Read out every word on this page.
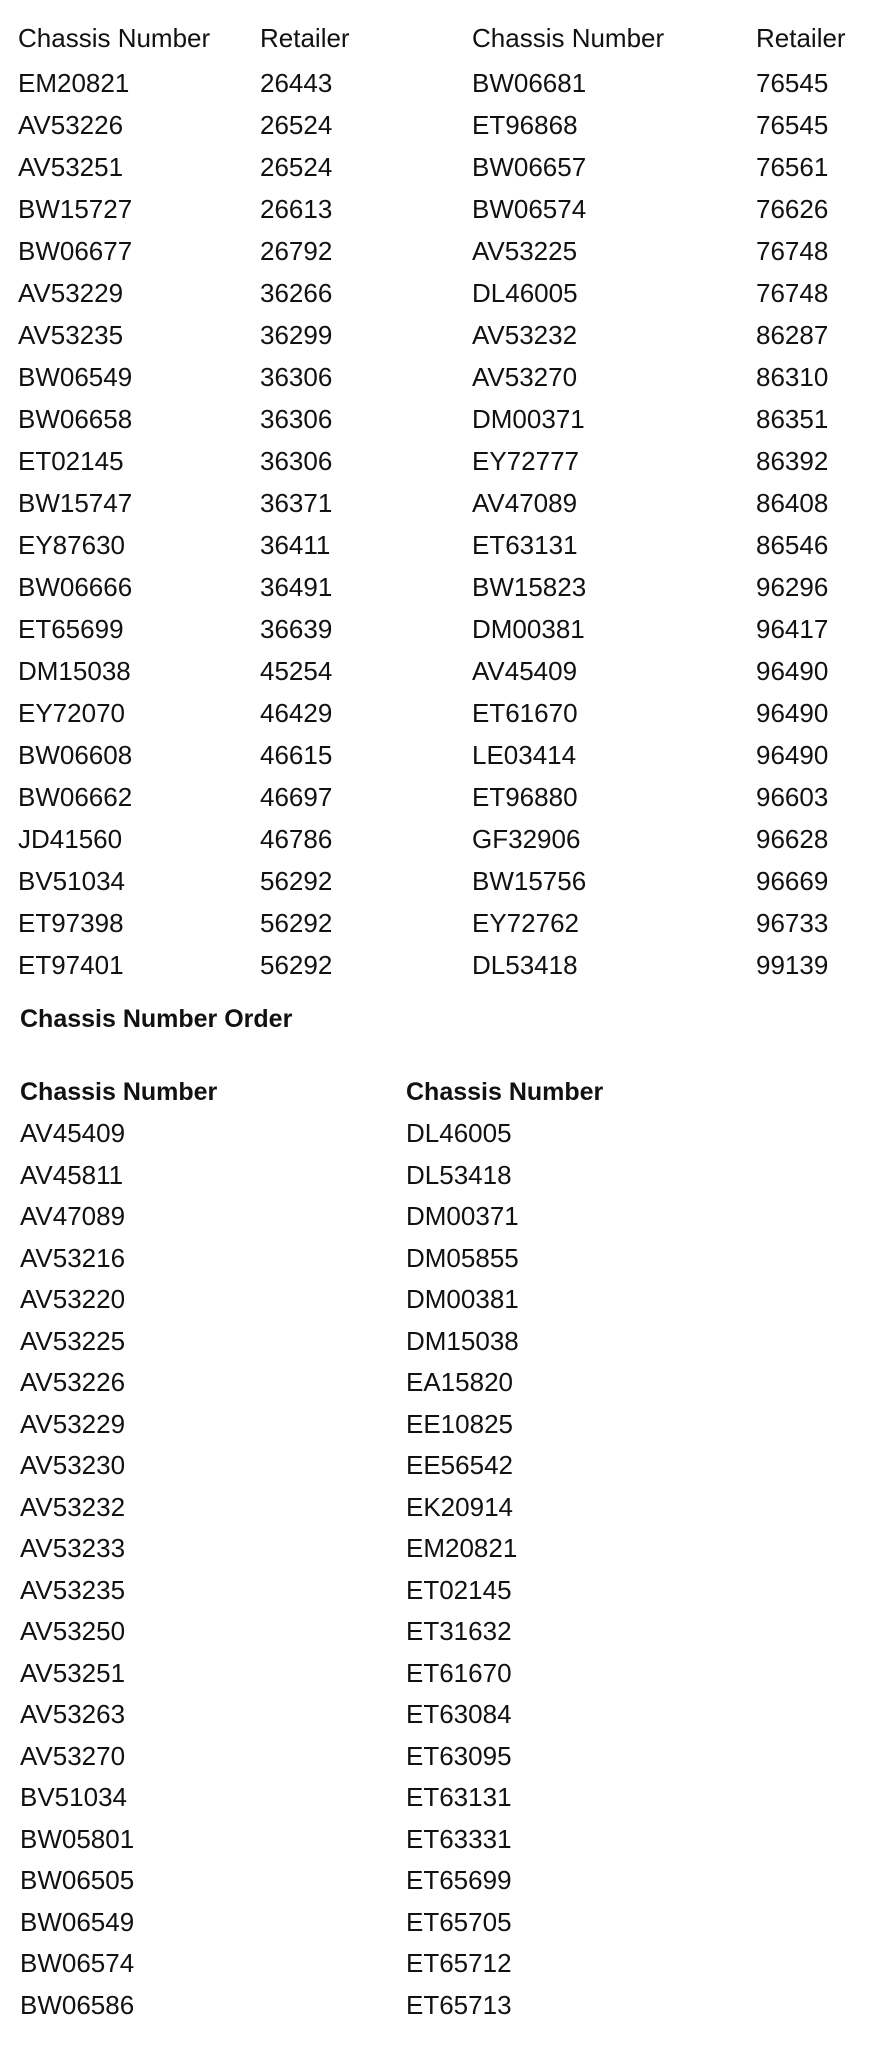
Chassis Number Retailer	Chassis Number	Retailer
EM20821	26443	BW06681	76545
AV53226	26524	ET96868	76545
AV53251	26524	BW06657	76561
BW15727	26613	BW06574	76626
BW06677	26792	AV53225	76748
AV53229	36266	DL46005	76748
AV53235	36299	AV53232	86287
BW06549	36306	AV53270	86310
BW06658	36306	DM00371	86351
ET02145	36306	EY72777	86392
BW15747	36371	AV47089	86408
EY87630	36411	ET63131	86546
BW06666	36491	BW15823	96296
ET65699	36639	DM00381	96417
DM15038	45254	AV45409	96490
EY72070	46429	ET61670	96490
BW06608	46615	LE03414	96490
BW06662	46697	ET96880	96603
JD41560	46786	GF32906	96628
BV51034	56292	BW15756	96669
ET97398	56292	EY72762	96733
ET97401	56292	DL53418	99139
Chassis Number Order
Chassis Number	Chassis Number
AV45409	DL46005
AV45811	DL53418
AV47089	DM00371
AV53216	DM05855
AV53220	DM00381
AV53225	DM15038
AV53226	EA15820
AV53229	EE10825
AV53230	EE56542
AV53232	EK20914
AV53233	EM20821
AV53235	ET02145
AV53250	ET31632
AV53251	ET61670
AV53263	ET63084
AV53270	ET63095
BV51034	ET63131
BW05801	ET63331
BW06505	ET65699
BW06549	ET65705
BW06574	ET65712
BW06586	ET65713
